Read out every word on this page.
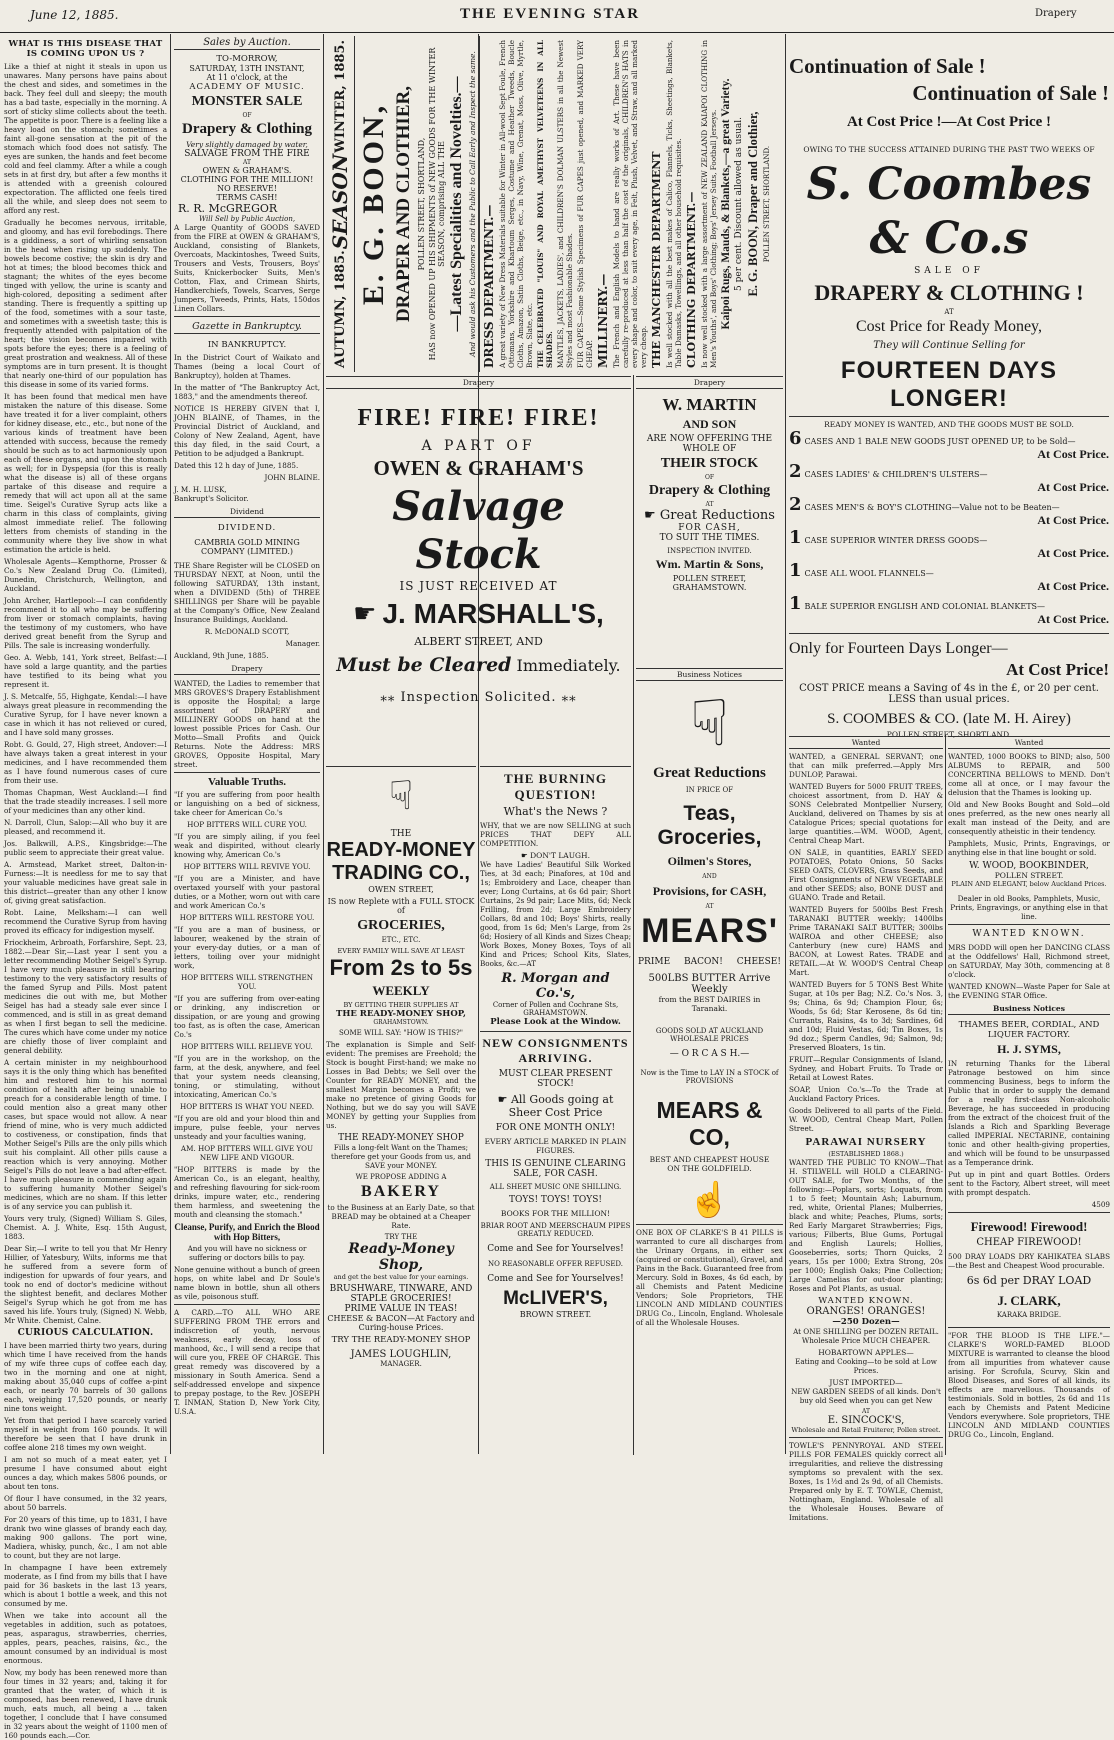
June 12, 1885.	THE EVENING STAR	Drapery
WHAT IS THIS DISEASE THAT IS COMING UPON US ?

Like a thief at night it steals in upon us unawares. Many persons have pains about the chest and sides, and sometimes in the back. They feel dull and sleepy; the mouth has a bad taste, especially in the morning. A sort of sticky slime collects about the teeth. The appetite is poor. There is a feeling like a heavy load on the stomach; sometimes a faint all-gone sensation at the pit of the stomach which food does not satisfy. The eyes are sunken, the hands and feet become cold and feel clammy. After a while a cough sets in at first dry, but after a few months it is attended with a greenish coloured expectoration. The afflicted one feels tired all the while, and sleep does not seem to afford any rest.

Gradually he becomes nervous, irritable, and gloomy, and has evil forebodings. There is a giddiness, a sort of whirling sensation in the head when rising up suddenly. The bowels become costive; the skin is dry and hot at times; the blood becomes thick and stagnant; the whites of the eyes become tinged with yellow, the urine is scanty and high-colored, depositing a sediment after standing. There is frequently a spitting up of the food, sometimes with a sour taste, and sometimes with a sweetish taste; this is frequently attended with palpitation of the heart; the vision becomes impaired with spots before the eyes; there is a feeling of great prostration and weakness. All of these symptoms are in turn present. It is thought that nearly one-third of our population has this disease in some of its varied forms.

It has been found that medical men have mistaken the nature of this disease. Some have treated it for a liver complaint, others for kidney disease, etc., etc., but none of the various kinds of treatment have been attended with success, because the remedy should be such as to act harmoniously upon each of these organs, and upon the stomach as well; for in Dyspepsia (for this is really what the disease is) all of these organs partake of this disease and require a remedy that will act upon all at the same time. Seigel's Curative Syrup acts like a charm in this class of complaints, giving almost immediate relief. The following letters from chemists of standing in the community where they live show in what estimation the article is held.

Wholesale Agents—Kempthorne, Prosser & Co.'s New Zealand Drug Co. (Limited), Dunedin, Christchurch, Wellington, and Auckland.

John Archer, Hartlepool:—I can confidently recommend it to all who may be suffering from liver or stomach complaints, having the testimony of my customers, who have derived great benefit from the Syrup and Pills. The sale is increasing wonderfully.

Geo. A. Webb, 141, York street, Belfast:—I have sold a large quantity, and the parties have testified to its being what you represent it.

J. S. Metcalfe, 55, Highgate, Kendal:—I have always great pleasure in recommending the Curative Syrup, for I have never known a case in which it has not relieved or cured, and I have sold many grosses.

Robt. G. Gould, 27, High street, Andover:—I have always taken a great interest in your medicines, and I have recommended them as I have found numerous cases of cure from their use.

Thomas Chapman, West Auckland:—I find that the trade steadily increases. I sell more of your medicines than any other kind.

N. Darroll, Clun, Salop:—All who buy it are pleased, and recommend it.

Jos. Balkwill, A.P.S., Kingsbridge:—The public seem to appreciate their great value.

A. Armstead, Market street, Dalton-in-Furness:—It is needless for me to say that your valuable medicines have great sale in this district—greater than any other I know of, giving great satisfaction.

Robt. Laine, Melksham:—I can well recommend the Curative Syrup from having proved its efficacy for indigestion myself.

Friockheim, Arbroath, Forfarshire, Sept. 23, 1882.—Dear Sir,—Last year I sent you a letter recommending Mother Seigel's Syrup. I have very much pleasure in still bearing testimony to the very satisfactory results of the famed Syrup and Pills. Most patent medicines die out with me, but Mother Seigel has had a steady sale ever since I commenced, and is still in as great demand as when I first began to sell the medicine. The cures which have come under my notice are chiefly those of liver complaint and general debility.

A certain minister in my neighbourhood says it is the only thing which has benefited him and restored him to his normal condition of health after being unable to preach for a considerable length of time. I could mention also a great many other cases, but space would not allow. A near friend of mine, who is very much addicted to costiveness, or constipation, finds that Mother Seigel's Pills are the only pills which suit his complaint. All other pills cause a reaction which is very annoying. Mother Seigel's Pills do not leave a bad after-effect. I have much pleasure in commending again to suffering humanity Mother Seigel's medicines, which are no sham. If this letter is of any service you can publish it.

Yours very truly, (Signed) William S. Giles, Chemist. A. J. White, Esq. 15th August, 1883.

Dear Sir,—I write to tell you that Mr Henry Hillier, of Yatesbury, Wilts, informs me that he suffered from a severe form of indigestion for upwards of four years, and took no end of doctor's medicine without the slightest benefit, and declares Mother Seigel's Syrup which he got from me has saved his life. Yours truly, (Signed) N. Webb, Mr White. Chemist, Calne.

CURIOUS CALCULATION.

I have been married thirty two years, during which time I have received from the hands of my wife three cups of coffee each day, two in the morning and one at night, making about 35,040 cups of coffee a-pint each, or nearly 70 barrels of 30 gallons each, weighing 17,520 pounds, or nearly nine tons weight.

Yet from that period I have scarcely varied myself in weight from 160 pounds. It will therefore be seen that I have drunk in coffee alone 218 times my own weight.

I am not so much of a meat eater, yet I presume I have consumed about eight ounces a day, which makes 5806 pounds, or about ten tons.

Of flour I have consumed, in the 32 years, about 50 barrels.

For 20 years of this time, up to 1831, I have drank two wine glasses of brandy each day, making 900 gallons. The port wine, Madiera, whisky, punch, &c., I am not able to count, but they are not large.

In champagne I have been extremely moderate, as I find from my bills that I have paid for 36 baskets in the last 13 years, which is about 1 bottle a week, and this not consumed by me.

When we take into account all the vegetables in addition, such as potatoes, peas, asparagus, strawberries, cherries, apples, pears, peaches, raisins, &c., the amount consumed by an individual is most enormous.

Now, my body has been renewed more than four times in 32 years; and, taking it for granted that the water, of which it is composed, has been renewed, I have drunk much, eats much, all being a ... taken together, I conclude that I have consumed in 32 years about the weight of 1100 men of 160 pounds each.—Cor.

Sales by Auction.
TO-MORROW,
SATURDAY, 13TH INSTANT,
At 11 o'clock, at the
ACADEMY OF MUSIC.
MONSTER SALE
OF
Drapery & Clothing
Very slightly damaged by water,
SALVAGE FROM THE FIRE
AT
OWEN & GRAHAM'S.
CLOTHING FOR THE MILLION!
NO RESERVE!
TERMS CASH!
R. R. McGREGOR
Will Sell by Public Auction,

A Large Quantity of GOODS SAVED from the FIRE at OWEN & GRAHAM'S, Auckland, consisting of Blankets, Overcoats, Mackintoshes, Tweed Suits, Trousers and Vests, Trousers, Boys' Suits, Knickerbocker Suits, Men's Cotton, Flax, and Crimean Shirts, Handkerchiefs, Towels, Scarves, Serge Jumpers, Tweeds, Prints, Hats, 150dos Linen Collars.

Gazette in Bankruptcy.
IN BANKRUPTCY.

In the District Court of Waikato and Thames (being a local Court of Bankruptcy), holden at Thames.

In the matter of "The Bankruptcy Act, 1883," and the amendments thereof.

NOTICE IS HEREBY GIVEN that I, JOHN BLAINE, of Thames, in the Provincial District of Auckland, and Colony of New Zealand, Agent, have this day filed, in the said Court, a Petition to be adjudged a Bankrupt.

Dated this 12 h day of June, 1885.

JOHN BLAINE.

J. M. H. LUSK,

Bankrupt's Solicitor.

Dividend
DIVIDEND.
CAMBRIA GOLD MINING COMPANY (LIMITED.)

THE Share Register will be CLOSED on THURSDAY NEXT, at Noon, until the following SATURDAY, 13th instant, when a DIVIDEND (5th) of THREE SHILLINGS per Share will be payable at the Company's Office, New Zealand Insurance Buildings, Auckland.

R. McDONALD SCOTT,

Manager.

Auckland, 9th June, 1885.

Drapery

WANTED, the Ladies to remember that MRS GROVES'S Drapery Establishment is opposite the Hospital; a large assortment of DRAPERY and MILLINERY GOODS on hand at the lowest possible Prices for Cash. Our Motto—Small Profits and Quick Returns. Note the Address: MRS GROVES, Opposite Hospital, Mary street.

Valuable Truths.

"If you are suffering from poor health or languishing on a bed of sickness, take cheer for American Co.'s

HOP BITTERS WILL CURE YOU.

"If you are simply ailing, if you feel weak and dispirited, without clearly knowing why, American Co.'s

HOP BITTERS WILL REVIVE YOU.

"If you are a Minister, and have overtaxed yourself with your pastoral duties, or a Mother, worn out with care and work American Co.'s

HOP BITTERS WILL RESTORE YOU.

"If you are a man of business, or labourer, weakened by the strain of your every-day duties, or a man of letters, toiling over your midnight work,

HOP BITTERS WILL STRENGTHEN YOU.

"If you are suffering from over-eating or drinking, any indiscretion or dissipation, or are young and growing too fast, as is often the case, American Co.'s

HOP BITTERS WILL RELIEVE YOU.

"If you are in the workshop, on the farm, at the desk, anywhere, and feel that your system needs cleansing, toning, or stimulating, without intoxicating, American Co.'s

HOP BITTERS IS WHAT YOU NEED.

"If you are old and your blood thin and impure, pulse feeble, your nerves unsteady and your faculties waning,

AM. HOP BITTERS WILL GIVE YOU NEW LIFE AND VIGOUR.

"HOP BITTERS is made by the American Co., is an elegant, healthy, and refreshing flavouring for sick-room drinks, impure water, etc., rendering them harmless, and sweetening the mouth and cleansing the stomach."

Cleanse, Purify, and Enrich the Blood with Hop Bitters,

And you will have no sickness or suffering or doctors bills to pay.

None genuine without a bunch of green hops, on white label and Dr Soule's name blown in bottle, shun all others as vile, poisonous stuff.

A CARD.—TO ALL WHO ARE SUFFERING FROM THE errors and indiscretion of youth, nervous weakness, early decay, loss of manhood, &c., I will send a recipe that will cure you, FREE OF CHARGE. This great remedy was discovered by a missionary in South America. Send a self-addressed envelope and sixpence to prepay postage, to the Rev. JOSEPH T. INMAN, Station D, New York City, U.S.A.

AUTUMN, 1885.
SEASON
WINTER, 1885.
E. G. BOON, DRAPER AND CLOTHIER, POLLEN STREET, SHORTLAND, HAS now OPENED UP HIS SHIPMENTS of NEW GOODS FOR THE WINTER SEASON, comprising ALL THE —Latest Specialities and Novelties.— And would ask his Customers and the Public to Call Early and Inspect the same. DRESS DEPARTMENT.— A great variety of New Dress Materials suitable for Winter in All-wool Sept Foule, French Ottomans, Yorkshire and Khartoum Serges, Costume and Heather Tweeds, Boucle Cloths, Amazon, Satin Cloths, Beige, etc., in Navy, Wine, Grenat, Moss, Olive, Myrtle, Brown, Slate, etc. THE CELEBRATED "LOUIS" AND ROYAL AMETHYST VELVETEENS IN ALL SHADES. MANTLES, JACKETS, LADIES', and CHILDREN'S DOLMAN ULSTERS in all the Newest Styles and most Fashionable Shades. FUR CAPES—Some Stylish Specimens of FUR CAPES just opened, and MARKED VERY CHEAP. MILLINERY.— The French and English Models to hand are really works of Art. These have been carefully re-produced at less than half the cost of the originals, CHILDREN'S HATS in every shape and color, to suit every age, in Felt, Plush, Velvet, and Straw, and all marked very cheap. THE MANCHESTER DEPARTMENT Is well stocked with all the best makes of Calico, Flannels, Ticks, Sheetings, Blankets, Table Damasks, Towellings, and all other household requisites. CLOTHING DEPARTMENT.— Is now well stocked with a large assortment of NEW ZEALAND KAIAPOI CLOTHING in Men's Youths', and Boys' Clothing; Boys' Jersey Suits, Football Jerseys. Kaipoi Rugs, Mauds, & Blankets,—a great Variety. 5 per cent. Discount allowed as usual. E. G. BOON, Draper and Clothier, POLLEN STREET, SHORTLAND.
Drapery
FIRE! FIRE! FIRE!
A PART OF
OWEN & GRAHAM'S
Salvage Stock
IS JUST RECEIVED AT
☛ J. MARSHALL'S,
ALBERT STREET, AND
Must be Cleared Immediately.
⁎⁎ Inspection Solicited. ⁎⁎
☟
THE
READY-MONEY
TRADING CO.,
OWEN STREET,
IS now Replete with a FULL STOCK of
GROCERIES,
ETC., ETC.
EVERY FAMILY WILL SAVE AT LEAST
From 2s to 5s
WEEKLY
BY GETTING THEIR SUPPLIES AT
THE READY-MONEY SHOP,
GRAHAMSTOWN.
SOME WILL SAY: "HOW IS THIS?"

The explanation is Simple and Self-evident: The premises are Freehold; the Stock is bought First-hand; we make no Losses in Bad Debts; we Sell over the Counter for READY MONEY, and the smallest Margin becomes a Profit; we make no pretence of giving Goods for Nothing, but we do say you will SAVE MONEY by getting your Supplies from us.

THE READY-MONEY SHOP

Fills a long-felt Want on the Thames; therefore get your Goods from us, and SAVE your MONEY.

WE PROPOSE ADDING A
BAKERY

to the Business at an Early Date, so that BREAD may be obtained at a Cheaper Rate.

TRY THE
Ready-Money Shop,
and get the best value for your earnings.
BRUSHWARE, TINWARE, AND STAPLE GROCERIES!
PRIME VALUE IN TEAS!
CHEESE & BACON—At Factory and Curing-house Prices.
TRY THE READY-MONEY SHOP
JAMES LOUGHLIN,
MANAGER.
THE BURNING QUESTION!
What's the News ?

WHY, that we are now SELLING at such PRICES THAT DEFY ALL COMPETITION.

☛ DON'T LAUGH.

We have Ladies' Beautiful Silk Worked Ties, at 3d each; Pinafores, at 10d and 1s; Embroidery and Lace, cheaper than ever; Long Curtains, at 6s 6d pair; Short Curtains, 2s 9d pair; Lace Mits, 6d; Neck Frilling, from 2d; Large Embroidery Collars, 8d and 10d; Boys' Shirts, really good, from 1s 6d; Men's Large, from 2s 6d; Hosiery of all Kinds and Sizes Cheap; Work Boxes, Money Boxes, Toys of all Kind and Prices; School Kits, Slates, Books, &c.—AT

R. Morgan and Co.'s,
Corner of Pollen and Cochrane Sts, GRAHAMSTOWN.
Please Look at the Window.
NEW CONSIGNMENTS ARRIVING.
MUST CLEAR PRESENT STOCK!
☛ All Goods going at Sheer Cost Price
FOR ONE MONTH ONLY!
EVERY ARTICLE MARKED IN PLAIN FIGURES.
THIS IS GENUINE CLEARING SALE, FOR CASH.
ALL SHEET MUSIC ONE SHILLING.
TOYS! TOYS! TOYS!
BOOKS FOR THE MILLION!
BRIAR ROOT AND MEERSCHAUM PIPES GREATLY REDUCED.
Come and See for Yourselves!
NO REASONABLE OFFER REFUSED.
Come and See for Yourselves!
McLIVER'S,
BROWN STREET.
Drapery
W. MARTIN
AND SON
ARE NOW OFFERING THE WHOLE OF
THEIR STOCK
OF
Drapery & Clothing
AT
☛ Great Reductions
FOR CASH,
TO SUIT THE TIMES.
INSPECTION INVITED.
Wm. Martin & Sons,
POLLEN STREET,
GRAHAMSTOWN.
Business Notices
☟
Great Reductions
IN PRICE OF
Teas, Groceries,
Oilmen's Stores,
AND
Provisions, for CASH,
AT
MEARS'
PRIME BACON! CHEESE!
500LBS BUTTER Arrive Weekly
from the BEST DAIRIES in
Taranaki.
GOODS SOLD AT AUCKLAND WHOLESALE PRICES
— O R C A S H.—
Now is the Time to LAY IN a STOCK of PROVISIONS
MEARS & CO,
BEST AND CHEAPEST HOUSE
ON THE GOLDFIELD.
☝

ONE BOX OF CLARKE'S B 41 PILLS is warranted to cure all discharges from the Urinary Organs, in either sex (acquired or constitutional), Gravel, and Pains in the Back. Guaranteed free from Mercury. Sold in Boxes, 4s 6d each, by all Chemists and Patent Medicine Vendors; Sole Proprietors, THE LINCOLN AND MIDLAND COUNTIES DRUG Co., Lincoln, England. Wholesale of all the Wholesale Houses.

Continuation of Sale !
Continuation of Sale !
At Cost Price !—At Cost Price !
OWING TO THE SUCCESS ATTAINED DURING THE PAST TWO WEEKS OF
S. Coombes & Co.s
SALE OF
DRAPERY & CLOTHING !
AT
Cost Price for Ready Money,
They will Continue Selling for
FOURTEEN DAYS LONGER!
READY MONEY IS WANTED, AND THE GOODS MUST BE SOLD.

6 CASES AND 1 BALE NEW GOODS JUST OPENED UP, to be Sold—

At Cost Price.

2 CASES LADIES' & CHILDREN'S ULSTERS—

At Cost Price.

2 CASES MEN'S & BOY'S CLOTHING—Value not to be Beaten—

At Cost Price.

1 CASE SUPERIOR WINTER DRESS GOODS—

At Cost Price.

1 CASE ALL WOOL FLANNELS—

At Cost Price.

1 BALE SUPERIOR ENGLISH AND COLONIAL BLANKETS—

At Cost Price.
Only for Fourteen Days Longer—
At Cost Price!
COST PRICE means a Saving of 4s in the £, or 20 per cent. LESS than usual prices.
S. COOMBES & CO. (late M. H. Airey)
POLLEN STREET, SHORTLAND.
Wanted

WANTED, a GENERAL SERVANT; one that can milk preferred.—Apply Mrs DUNLOP, Parawai.

WANTED Buyers for 5000 FRUIT TREES, choicest assortment, from D. HAY & SONS Celebrated Montpellier Nursery, Auckland, delivered on Thames by sis at Catalogue Prices; special quotations for large quantities.—WM. WOOD, Agent, Central Cheap Mart.

ON SALE, in quantities, EARLY SEED POTATOES, Potato Onions, 50 Sacks SEED OATS, CLOVERS, Grass Seeds, and First Consignments of NEW VEGETABLE and other SEEDS; also, BONE DUST and GUANO. Trade and Retail.

WANTED Buyers for 500lbs Best Fresh TARANAKI BUTTER weekly; 1400lbs Prime TARANAKI SALT BUTTER; 300lbs WAIROA and other CHEESE; also Canterbury (new cure) HAMS and BACON, at Lowest Rates. TRADE and RETAIL.—At W. WOOD'S Central Cheap Mart.

WANTED Buyers for 5 TONS Best White Sugar, at 10s per Bag; N.Z. Co.'s Nos. 3, 9s; China, 6s 9d; Champion Flour, 6s; Woods, 5s 6d; Star Kerosene, 8s 6d tin; Currants, Raisins, 4s to 3d; Sardines, 6d and 10d; Fluid Vestas, 6d; Tin Boxes, 1s 9d doz.; Sperm Candles, 9d; Salmon, 9d; Preserved Bloaters, 1s tin.

FRUIT—Regular Consignments of Island, Sydney, and Hobart Fruits. To Trade or Retail at Lowest Rates.

SOAP, Union Co.'s—To the Trade at Auckland Factory Prices.

Goods Delivered to all parts of the Field. W. WOOD, Central Cheap Mart, Pollen Street.

PARAWAI NURSERY
(ESTABLISHED 1868.)

WANTED THE PUBLIC TO KNOW—That H. STILWELL will HOLD a CLEARING-OUT SALE, for Two Months, of the following:—Poplars, sorts; Loquats, from 1 to 5 feet; Mountain Ash; Laburnum, red, white, Oriental Planes; Mulberries, black and white; Peaches, Plums, sorts; Red Early Margaret Strawberries; Figs, various; Filberts, Blue Gums, Portugal and English Laurels; Hollies, Gooseberries, sorts; Thorn Quicks, 2 years, 15s per 1000; Extra Strong, 20s per 1000; English Oaks; Pine Collection; Large Camelias for out-door planting; Roses and Pot Plants, as usual.

WANTED KNOWN.
ORANGES! ORANGES!
—250 Dozen—

At ONE SHILLING per DOZEN RETAIL. Wholesale Price MUCH CHEAPER.

HOBARTOWN APPLES—

Eating and Cooking—to be sold at Low Prices.

JUST IMPORTED—

NEW GARDEN SEEDS of all kinds. Don't buy old Seed when you can get New

AT
E. SINCOCK'S,
Wholesale and Retail Fruiterer, Pollen street.

TOWLE'S PENNYROYAL AND STEEL PILLS FOR FEMALES quickly correct all irregularities, and relieve the distressing symptoms so prevalent with the sex. Boxes, 1s 1½d and 2s 9d, of all Chemists. Prepared only by E. T. TOWLE, Chemist, Nottingham, England. Wholesale of all the Wholesale Houses. Beware of Imitations.

Wanted

WANTED, 1000 BOOKS to BIND; also, 500 ALBUMS to REPAIR, and 500 CONCERTINA BELLOWS to MEND. Don't come all at once, or I may favour the delusion that the Thames is looking up.

Old and New Books Bought and Sold—old ones preferred, as the new ones nearly all exalt man instead of the Deity, and are consequently atheistic in their tendency.

Pamphlets, Music, Prints, Engravings, or anything else in that line bought or sold.

W. WOOD, BOOKBINDER,
POLLEN STREET.
PLAIN AND ELEGANT, below Auckland Prices.

Dealer in old Books, Pamphlets, Music, Prints, Engravings, or anything else in that line.

WANTED KNOWN.

MRS DODD will open her DANCING CLASS at the Oddfellows' Hall, Richmond street, on SATURDAY, May 30th, commencing at 8 o'clock.

WANTED KNOWN—Waste Paper for Sale at the EVENING STAR Office.

Business Notices
THAMES BEER, CORDIAL, AND LIQUER FACTORY.
H. J. SYMS,

IN returning Thanks for the Liberal Patronage bestowed on him since commencing Business, begs to inform the Public that in order to supply the demand for a really first-class Non-alcoholic Beverage, he has succeeded in producing from the extract of the choicest fruit of the Islands a Rich and Sparkling Beverage called IMPERIAL NECTARINE, containing tonic and other health-giving properties, and which will be found to be unsurpassed as a Temperance drink.

Put up in pint and quart Bottles. Orders sent to the Factory, Albert street, will meet with prompt despatch.

4509

Firewood! Firewood!
CHEAP FIREWOOD!

500 DRAY LOADS DRY KAHIKATEA SLABS—the Best and Cheapest Wood procurable.

6s 6d per DRAY LOAD
J. CLARK,
KARAKA BRIDGE.

"FOR THE BLOOD IS THE LIFE."—CLARKE'S WORLD-FAMED BLOOD MIXTURE is warranted to cleanse the blood from all impurities from whatever cause arising. For Scrofula, Scurvy, Skin and Blood Diseases, and Sores of all kinds, its effects are marvellous. Thousands of testimonials. Sold in bottles, 2s 6d and 11s each by Chemists and Patent Medicine Vendors everywhere. Sole proprietors, THE LINCOLN AND MIDLAND COUNTIES DRUG Co., Lincoln, England.
